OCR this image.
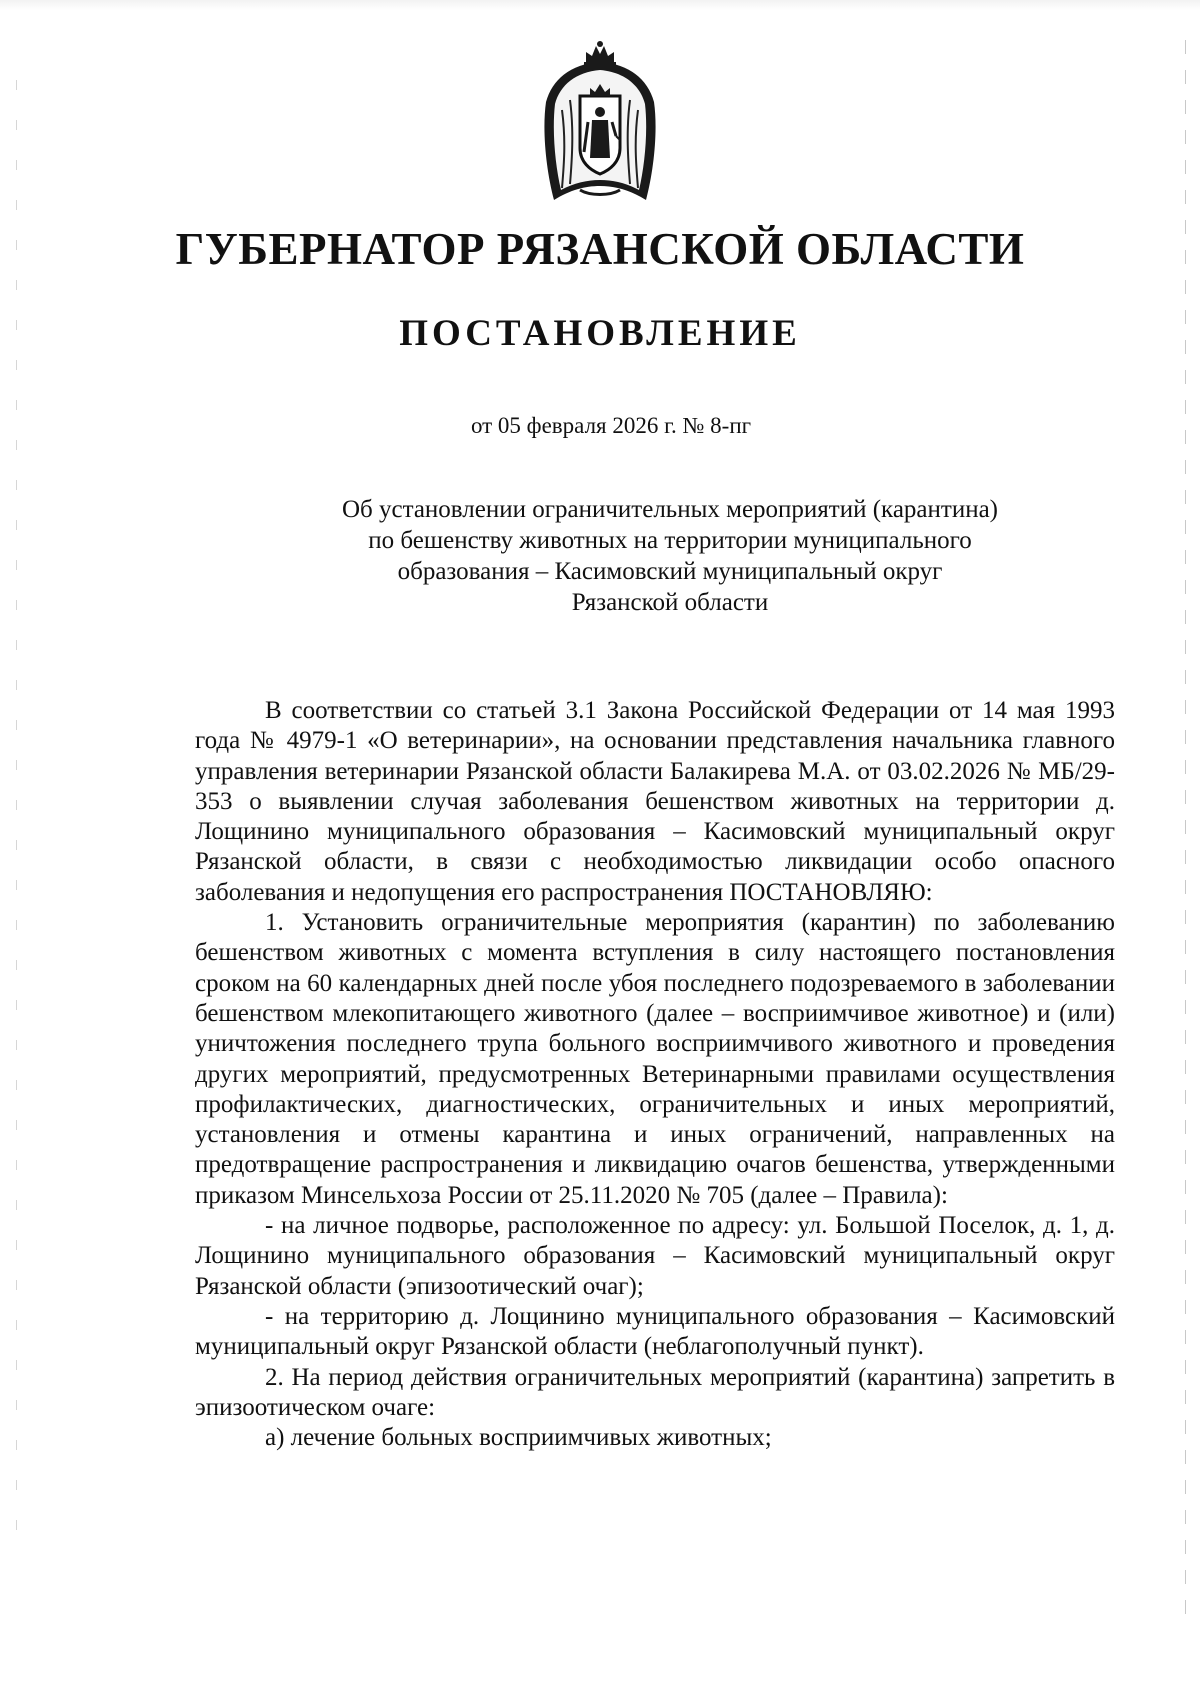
ГУБЕРНАТОР РЯЗАНСКОЙ ОБЛАСТИ
ПОСТАНОВЛЕНИЕ
от 05 февраля 2026 г. № 8-пг
Об установлении ограничительных мероприятий (карантина)
по бешенству животных на территории муниципального
образования – Касимовский муниципальный округ
Рязанской области

В соответствии со статьей 3.1 Закона Российской Федерации от 14 мая 1993 года № 4979-1 «О ветеринарии», на основании представления начальника главного управления ветеринарии Рязанской области Балакирева М.А. от 03.02.2026 № МБ/29-353 о выявлении случая заболевания бешенством животных на территории д. Лощинино муниципального образования – Касимовский муниципальный округ Рязанской области, в связи с необходимостью ликвидации особо опасного заболевания и недопущения его распространения ПОСТАНОВЛЯЮ:

1. Установить ограничительные мероприятия (карантин) по заболеванию бешенством животных с момента вступления в силу настоящего постановления сроком на 60 календарных дней после убоя последнего подозреваемого в заболевании бешенством млекопитающего животного (далее – восприимчивое животное) и (или) уничтожения последнего трупа больного восприимчивого животного и проведения других мероприятий, предусмотренных Ветеринарными правилами осуществления профилактических, диагностических, ограничительных и иных мероприятий, установления и отмены карантина и иных ограничений, направленных на предотвращение распространения и ликвидацию очагов бешенства, утвержденными приказом Минсельхоза России от 25.11.2020 № 705 (далее – Правила):

- на личное подворье, расположенное по адресу: ул. Большой Поселок, д. 1, д. Лощинино муниципального образования – Касимовский муниципальный округ Рязанской области (эпизоотический очаг);

- на территорию д. Лощинино муниципального образования – Касимовский муниципальный округ Рязанской области (неблагополучный пункт).

2. На период действия ограничительных мероприятий (карантина) запретить в эпизоотическом очаге:

а) лечение больных восприимчивых животных;
